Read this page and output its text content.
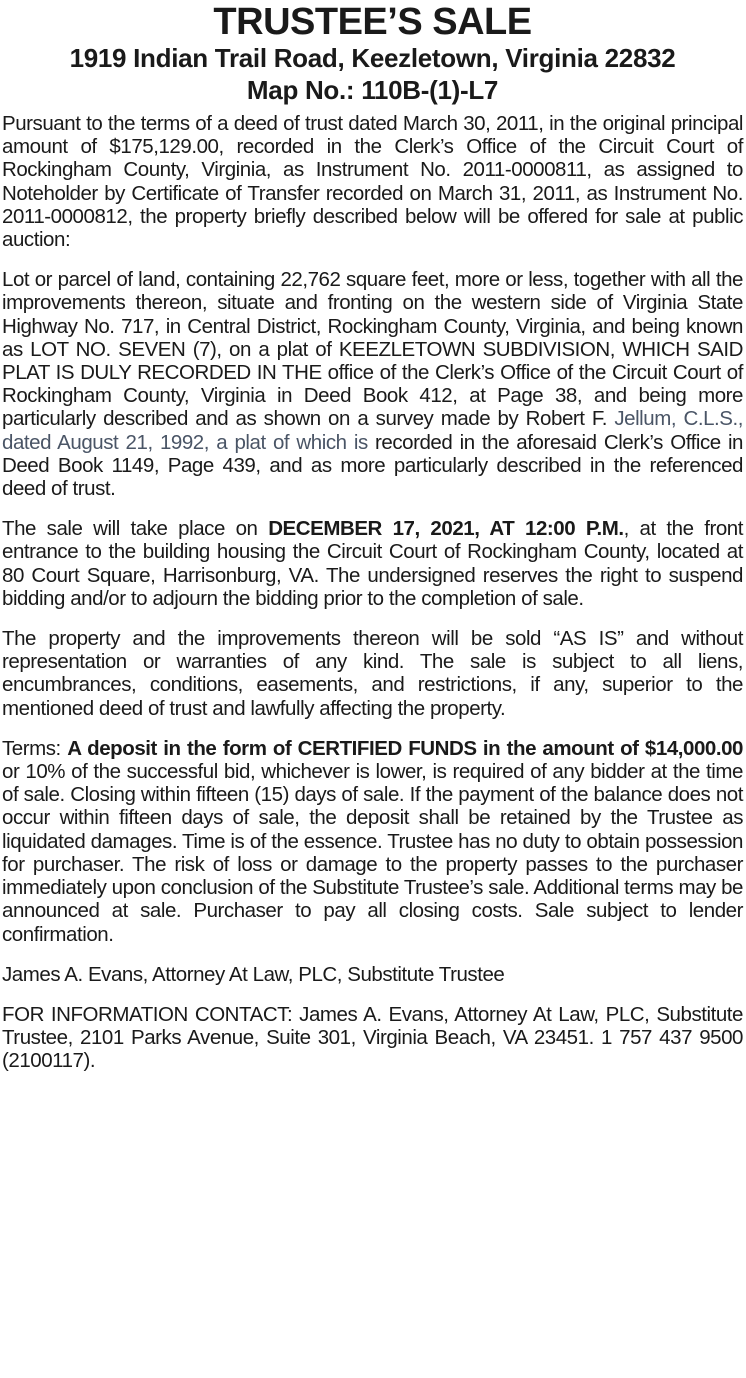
TRUSTEE’S SALE
1919 Indian Trail Road, Keezletown, Virginia 22832
Map No.: 110B-(1)-L7

Pursuant to the terms of a deed of trust dated March 30, 2011, in the original principal amount of $175,129.00, recorded in the Clerk’s Office of the Circuit Court of Rockingham County, Virginia, as Instrument No. 2011-0000811, as assigned to Noteholder by Certificate of Transfer recorded on March 31, 2011, as Instrument No. 2011-0000812, the property briefly described below will be offered for sale at public auction:

Lot or parcel of land, containing 22,762 square feet, more or less, together with all the improvements thereon, situate and fronting on the western side of Virginia State Highway No. 717, in Central District, Rockingham County, Virginia, and being known as LOT NO. SEVEN (7), on a plat of KEEZLETOWN SUBDIVISION, WHICH SAID PLAT IS DULY RECORDED IN THE office of the Clerk’s Office of the Circuit Court of Rockingham County, Virginia in Deed Book 412, at Page 38, and being more particularly described and as shown on a survey made by Robert F. Jellum, C.L.S., dated August 21, 1992, a plat of which is recorded in the aforesaid Clerk’s Office in Deed Book 1149, Page 439, and as more particularly described in the referenced deed of trust.

The sale will take place on DECEMBER 17, 2021, AT 12:00 P.M., at the front entrance to the building housing the Circuit Court of Rockingham County, located at 80 Court Square, Harrisonburg, VA. The undersigned reserves the right to suspend bidding and/or to adjourn the bidding prior to the completion of sale.

The property and the improvements thereon will be sold “AS IS” and without representation or warranties of any kind. The sale is subject to all liens, encumbrances, conditions, easements, and restrictions, if any, superior to the mentioned deed of trust and lawfully affecting the property.

Terms: A deposit in the form of CERTIFIED FUNDS in the amount of $14,000.00 or 10% of the successful bid, whichever is lower, is required of any bidder at the time of sale. Closing within fifteen (15) days of sale. If the payment of the balance does not occur within fifteen days of sale, the deposit shall be retained by the Trustee as liquidated damages. Time is of the essence. Trustee has no duty to obtain possession for purchaser. The risk of loss or damage to the property passes to the purchaser immediately upon conclusion of the Substitute Trustee’s sale. Additional terms may be announced at sale. Purchaser to pay all closing costs. Sale subject to lender confirmation.

James A. Evans, Attorney At Law, PLC, Substitute Trustee

FOR INFORMATION CONTACT: James A. Evans, Attorney At Law, PLC, Substitute Trustee, 2101 Parks Avenue, Suite 301, Virginia Beach, VA 23451. 1 757 437 9500 (2100117).
